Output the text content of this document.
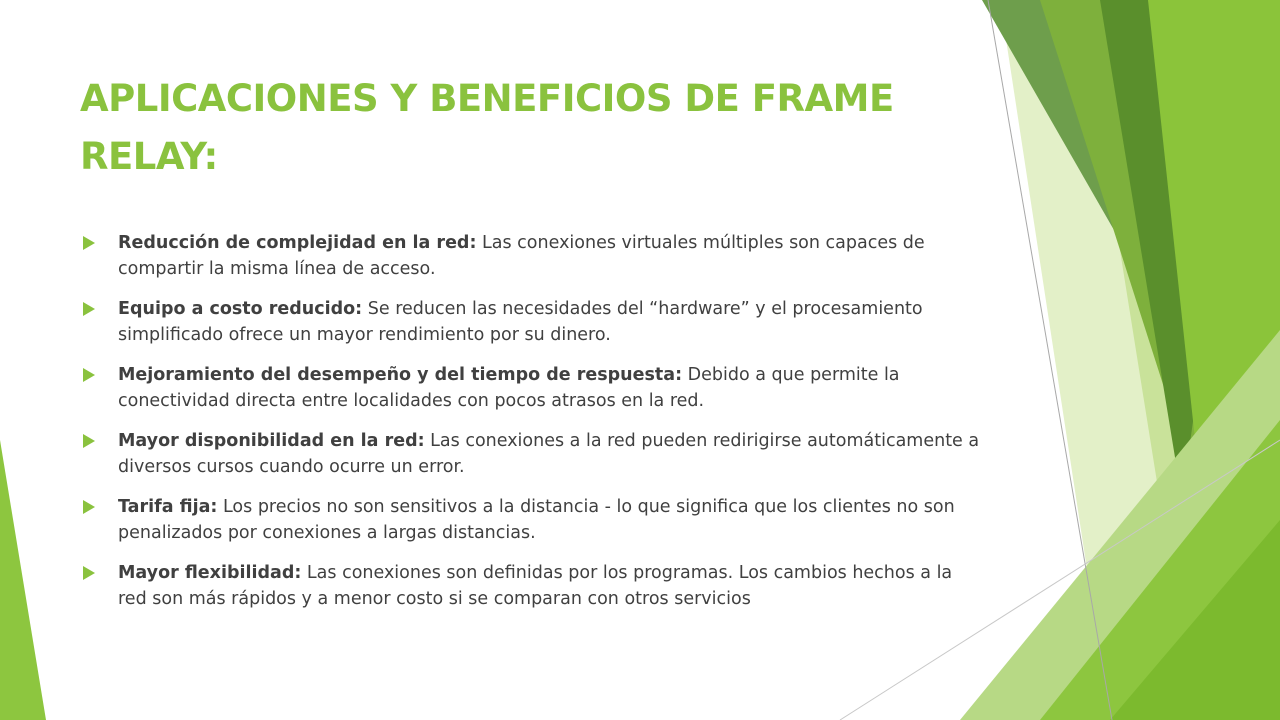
APLICACIONES Y BENEFICIOS DE FRAME RELAY:
Reducción de complejidad en la red: Las conexiones virtuales múltiples son capaces de compartir la misma línea de acceso.
Equipo a costo reducido: Se reducen las necesidades del “hardware” y el procesamiento simplificado ofrece un mayor rendimiento por su dinero.
Mejoramiento del desempeño y del tiempo de respuesta: Debido a que permite la conectividad directa entre localidades con pocos atrasos en la red.
Mayor disponibilidad en la red: Las conexiones a la red pueden redirigirse automáticamente a diversos cursos cuando ocurre un error.
Tarifa fija: Los precios no son sensitivos a la distancia - lo que significa que los clientes no son penalizados por conexiones a largas distancias.
Mayor flexibilidad: Las conexiones son definidas por los programas. Los cambios hechos a la red son más rápidos y a menor costo si se comparan con otros servicios
